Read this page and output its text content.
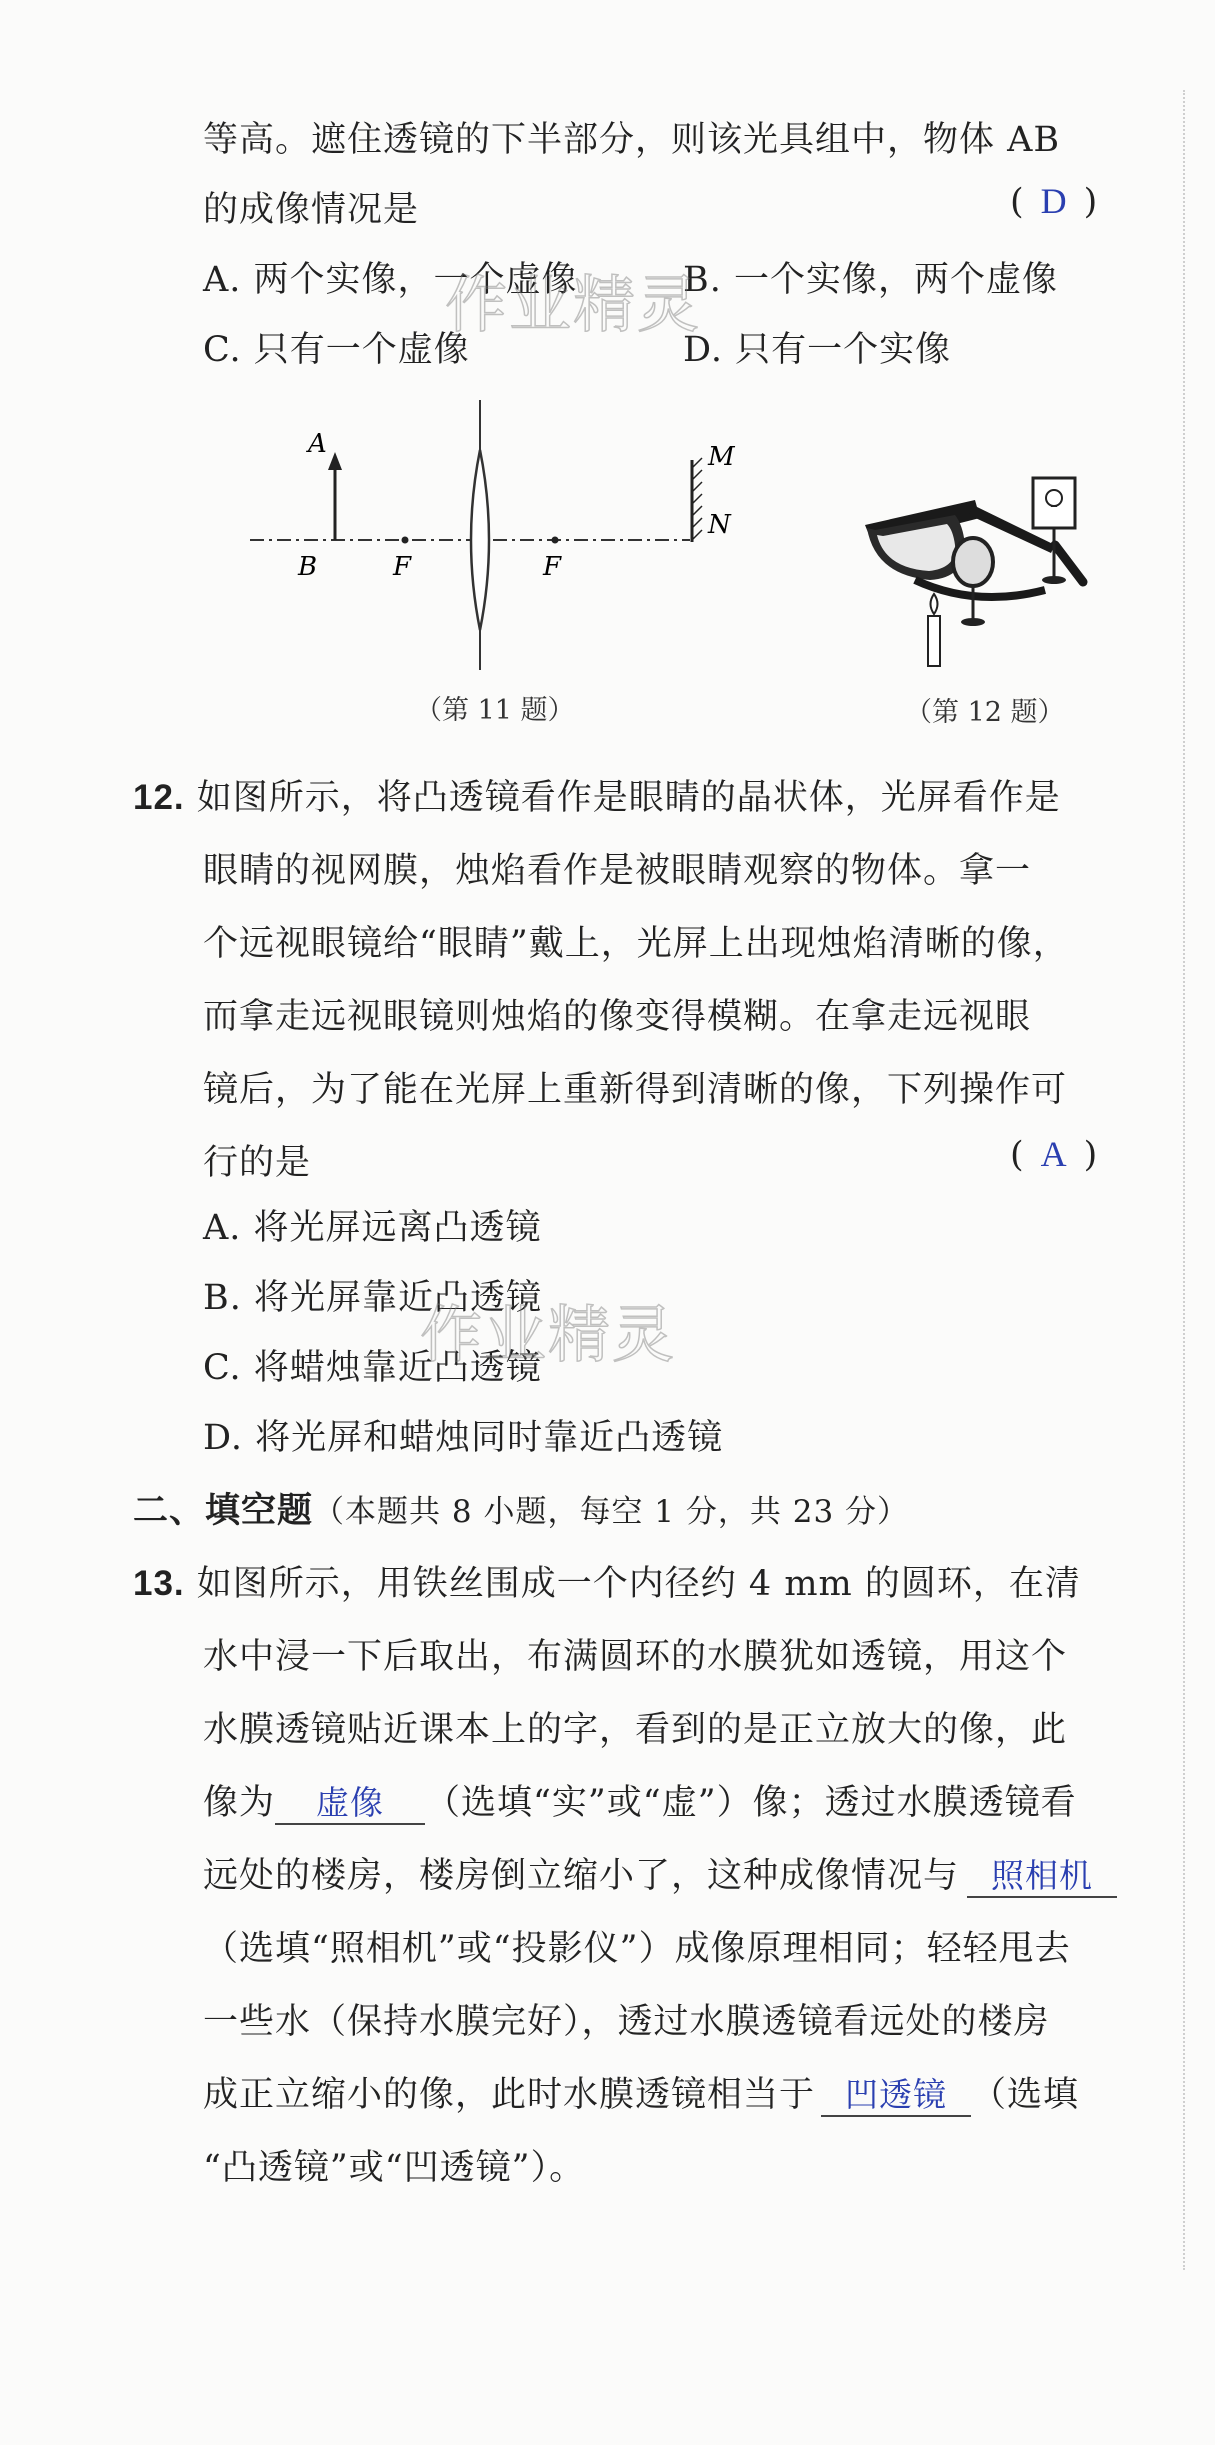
等高。遮住透镜的下半部分，则该光具组中，物体 AB
的成像情况是	( D )
A. 两个实像，一个虚像	B. 一个实像，两个虚像
C. 只有一个虚像	D. 只有一个实像
作业精灵
A
B	F	F
M
N
（第 11 题）	（第 12 题）
12. 如图所示，将凸透镜看作是眼睛的晶状体，光屏看作是
眼睛的视网膜，烛焰看作是被眼睛观察的物体。拿一
个远视眼镜给“眼睛”戴上，光屏上出现烛焰清晰的像，
而拿走远视眼镜则烛焰的像变得模糊。在拿走远视眼
镜后，为了能在光屏上重新得到清晰的像，下列操作可
行的是	( A )
A. 将光屏远离凸透镜
B. 将光屏靠近凸透镜
C. 将蜡烛靠近凸透镜
D. 将光屏和蜡烛同时靠近凸透镜
作业精灵
二、填空题（本题共 8 小题，每空 1 分，共 23 分）
13. 如图所示，用铁丝围成一个内径约 4 mm 的圆环，在清
水中浸一下后取出，布满圆环的水膜犹如透镜，用这个
水膜透镜贴近课本上的字，看到的是正立放大的像，此
像为 虚像 （选填“实”或“虚”）像；透过水膜透镜看
远处的楼房，楼房倒立缩小了，这种成像情况与 照相机
（选填“照相机”或“投影仪”）成像原理相同；轻轻甩去
一些水（保持水膜完好），透过水膜透镜看远处的楼房
成正立缩小的像，此时水膜透镜相当于 凹透镜 （选填
“凸透镜”或“凹透镜”）。
